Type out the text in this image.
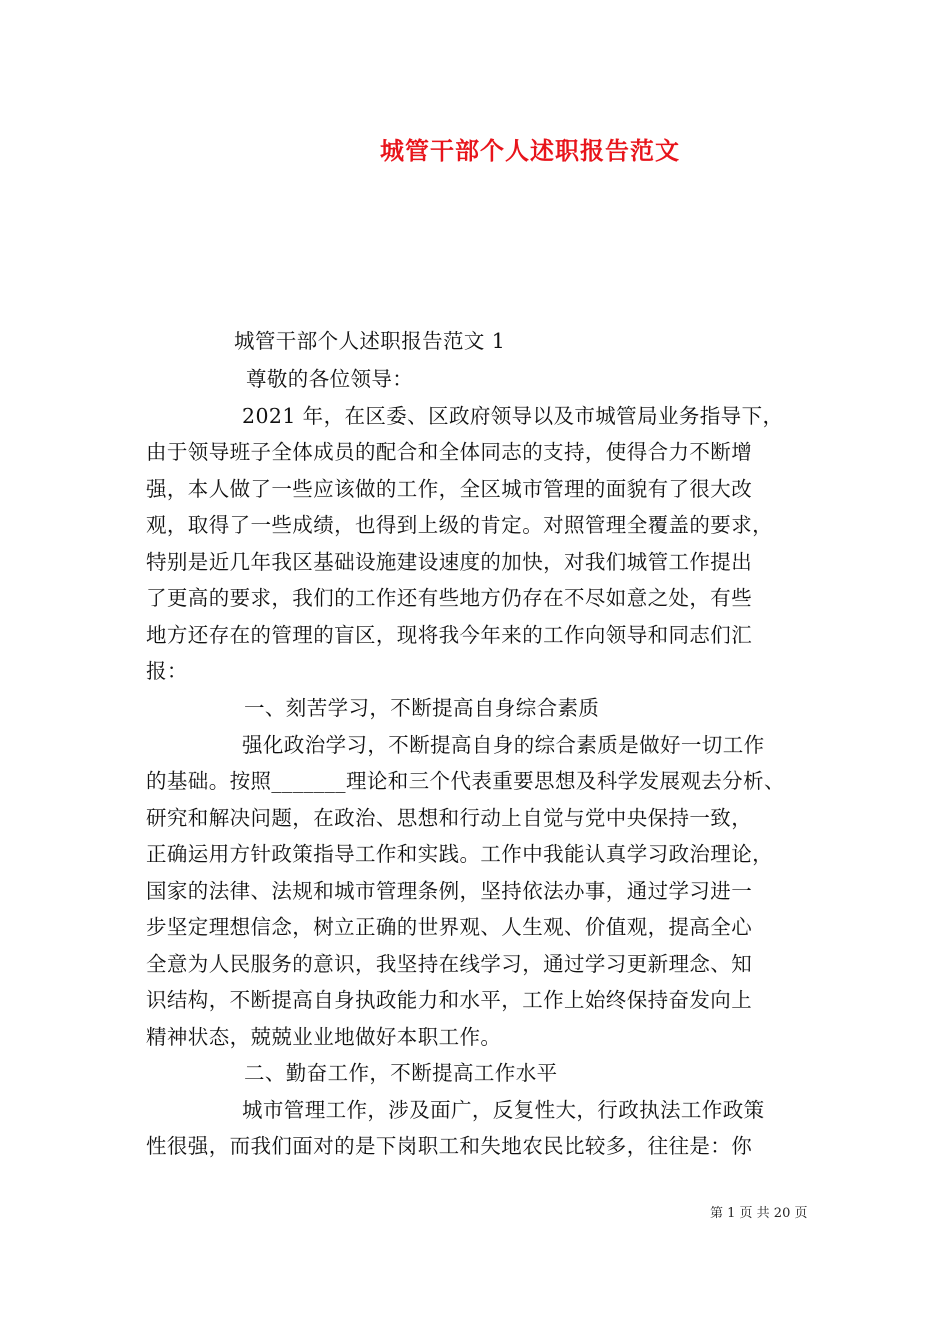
城管干部个人述职报告范文
城管干部个人述职报告范文 1
尊敬的各位领导：
2021 年，在区委、区政府领导以及市城管局业务指导下，
由于领导班子全体成员的配合和全体同志的支持，使得合力不断增
强，本人做了一些应该做的工作，全区城市管理的面貌有了很大改
观，取得了一些成绩，也得到上级的肯定。对照管理全覆盖的要求，
特别是近几年我区基础设施建设速度的加快，对我们城管工作提出
了更高的要求，我们的工作还有些地方仍存在不尽如意之处，有些
地方还存在的管理的盲区，现将我今年来的工作向领导和同志们汇
报：
一、刻苦学习，不断提高自身综合素质
强化政治学习，不断提高自身的综合素质是做好一切工作
的基础。按照_______理论和三个代表重要思想及科学发展观去分析、
研究和解决问题，在政治、思想和行动上自觉与党中央保持一致，
正确运用方针政策指导工作和实践。工作中我能认真学习政治理论，
国家的法律、法规和城市管理条例，坚持依法办事，通过学习进一
步坚定理想信念，树立正确的世界观、人生观、价值观，提高全心
全意为人民服务的意识，我坚持在线学习，通过学习更新理念、知
识结构，不断提高自身执政能力和水平，工作上始终保持奋发向上
精神状态，兢兢业业地做好本职工作。
二、勤奋工作，不断提高工作水平
城市管理工作，涉及面广，反复性大，行政执法工作政策
性很强，而我们面对的是下岗职工和失地农民比较多，往往是：你
第 1 页 共 20 页
